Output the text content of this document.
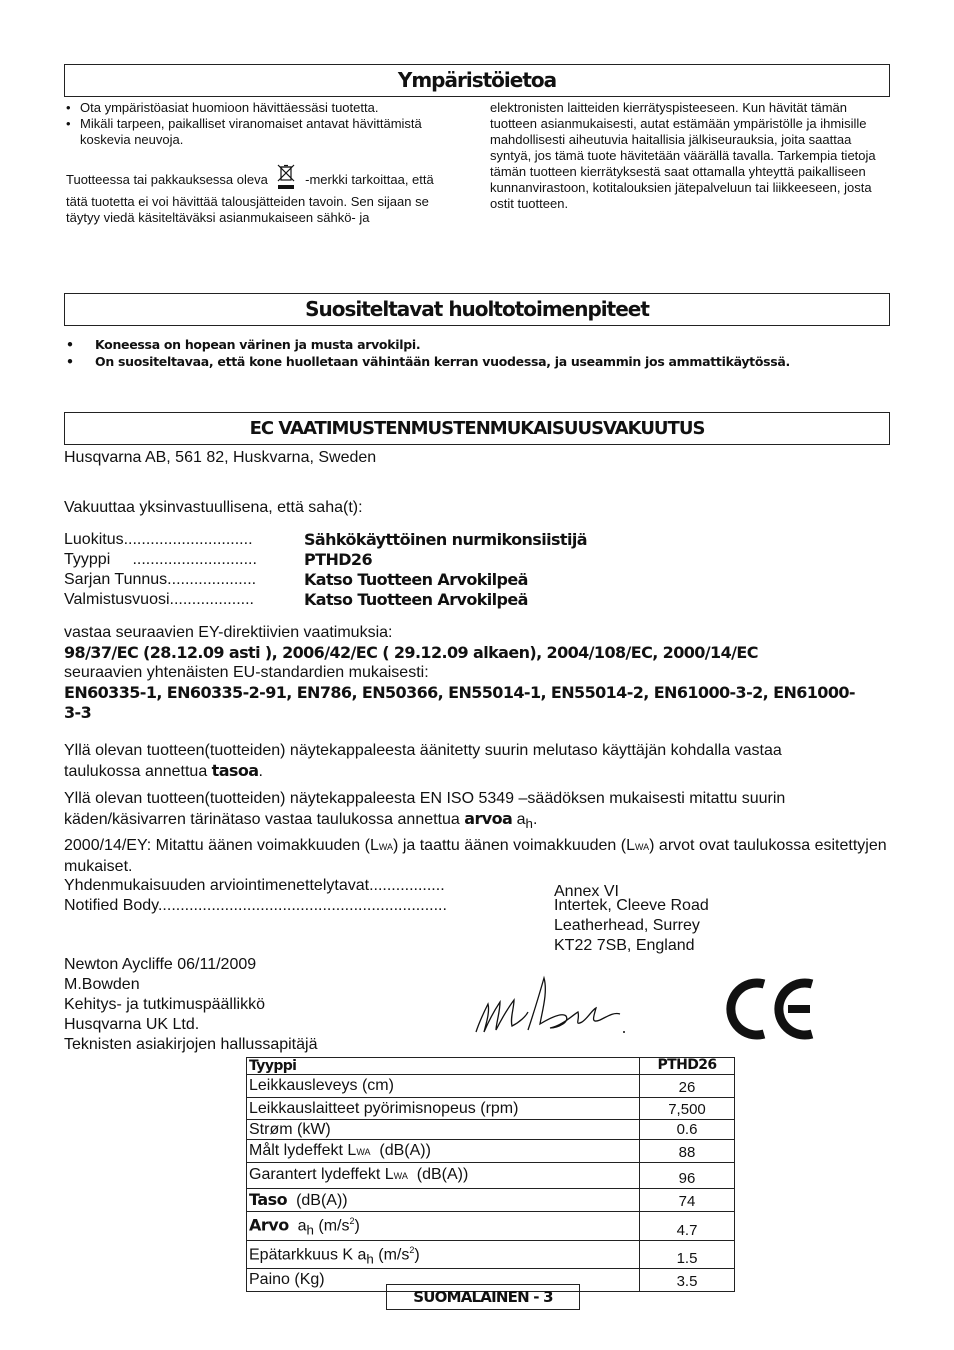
Ympäristöietoa
• Ota ympäristöasiat huomioon hävittäessäsi tuotetta.
• Mikäli tarpeen, paikalliset viranomaiset antavat hävittämistä koskevia neuvoja.
Tuotteessa tai pakkauksessa oleva	-merkki tarkoittaa, että tätä tuotetta ei voi hävittää talousjätteiden tavoin. Sen sijaan se täytyy viedä käsiteltäväksi asianmukaiseen sähkö- ja
elektronisten laitteiden kierrätyspisteeseen. Kun hävität tämän tuotteen asianmukaisesti, autat estämään ympäristölle ja ihmisille mahdollisesti aiheutuvia haitallisia jälkiseurauksia, joita saattaa syntyä, jos tämä tuote hävitetään väärällä tavalla. Tarkempia tietoja tämän tuotteen kierrätyksestä saat ottamalla yhteyttä paikalliseen kunnanvirastoon, kotitalouksien jätepalveluun tai liikkeeseen, josta ostit tuotteen.
Suositeltavat huoltotoimenpiteet
•	Koneessa on hopean värinen ja musta arvokilpi.
•	On suositeltavaa, että kone huolletaan vähintään kerran vuodessa, ja useammin jos ammattikäytössä.
EC VAATIMUSTENMUSTENMUKAISUUSVAKUUTUS
Husqvarna AB, 561 82, Huskvarna, Sweden
Vakuuttaa yksinvastuullisena, että saha(t):
Luokitus.............................	Sähkökäyttöinen nurmikonsiistijä
Tyyppi     ............................	PTHD26
Sarjan Tunnus....................	Katso Tuotteen Arvokilpeä
Valmistusvuosi...................	Katso Tuotteen Arvokilpeä
vastaa seuraavien EY-direktiivien vaatimuksia:
98/37/EC (28.12.09 asti ), 2006/42/EC ( 29.12.09 alkaen), 2004/108/EC, 2000/14/EC
seuraavien yhtenäisten EU-standardien mukaisesti:
EN60335-1, EN60335-2-91, EN786, EN50366, EN55014-1, EN55014-2, EN61000-3-2, EN61000-3-3
Yllä olevan tuotteen(tuotteiden) näytekappaleesta äänitetty suurin melutaso käyttäjän kohdalla vastaa taulukossa annettua tasoa.
Yllä olevan tuotteen(tuotteiden) näytekappaleesta EN ISO 5349 –säädöksen mukaisesti mitattu suurin käden/käsivarren tärinätaso vastaa taulukossa annettua arvoa $a_h$.
2000/14/EY: Mitattu äänen voimakkuuden (LWA) ja taattu äänen voimakkuuden (LWA) arvot ovat taulukossa esitettyjen mukaiset.
Yhdenmukaisuuden arviointimenettelytavat.................	Annex VI
Notified Body.................................................................	Intertek, Cleeve Road
Leatherhead, Surrey
KT22 7SB, England
Newton Aycliffe 06/11/2009
M.Bowden
Kehitys- ja tutkimuspäällikkö
Husqvarna UK Ltd.
Teknisten asiakirjojen hallussapitäjä
Tyyppi	PTHD26
Leikkausleveys (cm)	26
Leikkauslaitteet pyörimisnopeus (rpm)	7,500
Strøm (kW)	0.6
Målt lydeffekt LWA  (dB(A))	88
Garantert lydeffekt LWA  (dB(A))	96
Taso  (dB(A))	74
Arvo  $a_h$ $(m/s^2)$	4.7
Epätarkkuus K $a_h$ $(m/s^2)$	1.5
Paino (Kg)	3.5
SUOMALAINEN - 3
